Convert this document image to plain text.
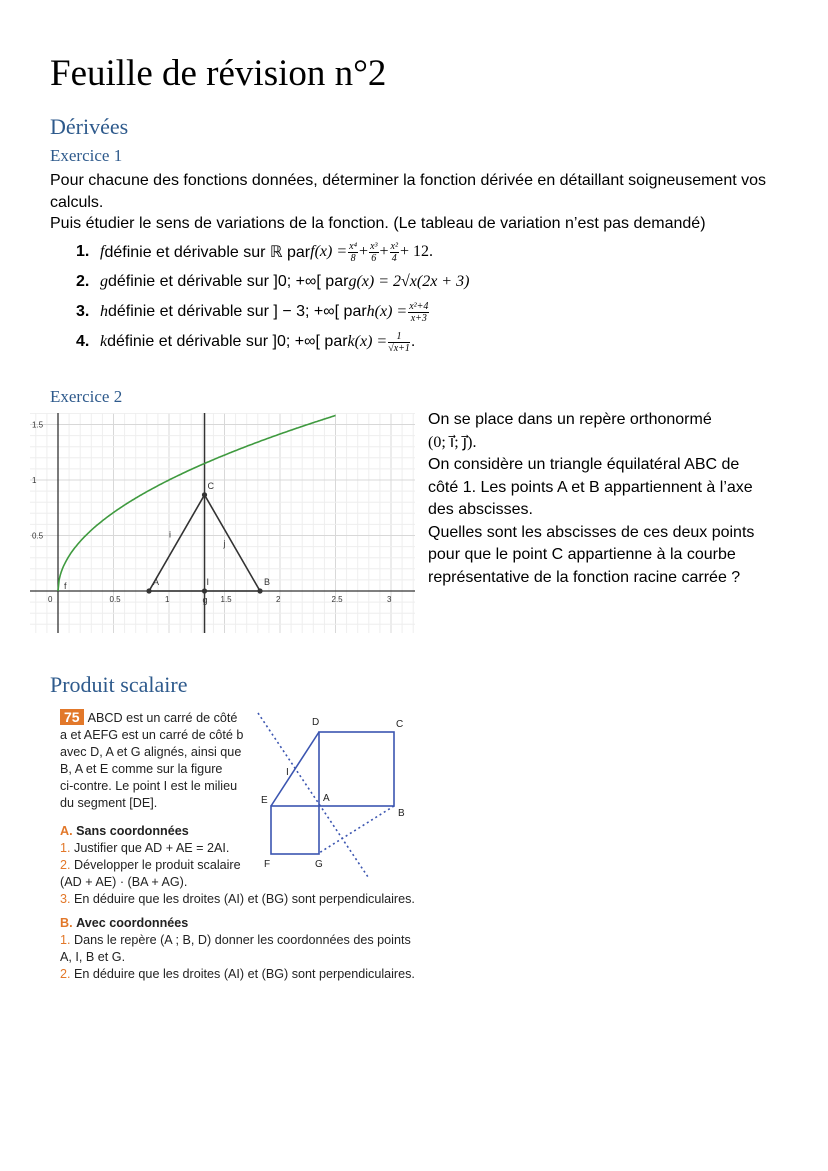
Feuille de révision n°2
Dérivées
Exercice 1
Pour chacune des fonctions données, déterminer la fonction dérivée en détaillant soigneusement vos calculs.
Puis étudier le sens de variations de la fonction. (Le tableau de variation n’est pas demandé)
1. f définie et dérivable sur ℝ par $f(x) = \frac{\text{x⁴}}{8} + \frac{\text{x³}}{6} + \frac{\text{x²}}{4} + 12$.
2. g définie et dérivable sur ]0; +∞[ par g(x) = 2√x(2x + 3)
3. h définie et dérivable sur ] − 3; +∞[ par $h(x) = \frac{\text{x²+4}}{x+3}$
4. k définie et dérivable sur ]0; +∞[ par $k(x) = \frac{1}{√x+1}$ .
Exercice 2
0	0.5	1	1.5	2	2.5	3
0.5
1
1.5
A	B
C
I
i
j
f
g
On se place dans un repère orthonormé
(0; ı⃗; ȷ⃗).
On considère un triangle équilatéral ABC de
côté 1. Les points A et B appartiennent à l’axe
des abscisses.
Quelles sont les abscisses de ces deux points
pour que le point C appartienne à la courbe
représentative de la fonction racine carrée ?
Produit scalaire
75 ABCD est un carré de côté
a et AEFG est un carré de côté b
avec D, A et G alignés, ainsi que
B, A et E comme sur la figure
ci-contre. Le point I est le milieu
du segment [DE].
A. Sans coordonnées
1. Justifier que AD + AE = 2AI.
2. Développer le produit scalaire
(AD + AE) · (BA + AG).
3. En déduire que les droites (AI) et (BG) sont perpendiculaires.
B. Avec coordonnées
1. Dans le repère (A ; B, D) donner les coordonnées des points A, I, B et G.
2. En déduire que les droites (AI) et (BG) sont perpendiculaires.
D	C
I
E	A
B
F	G
